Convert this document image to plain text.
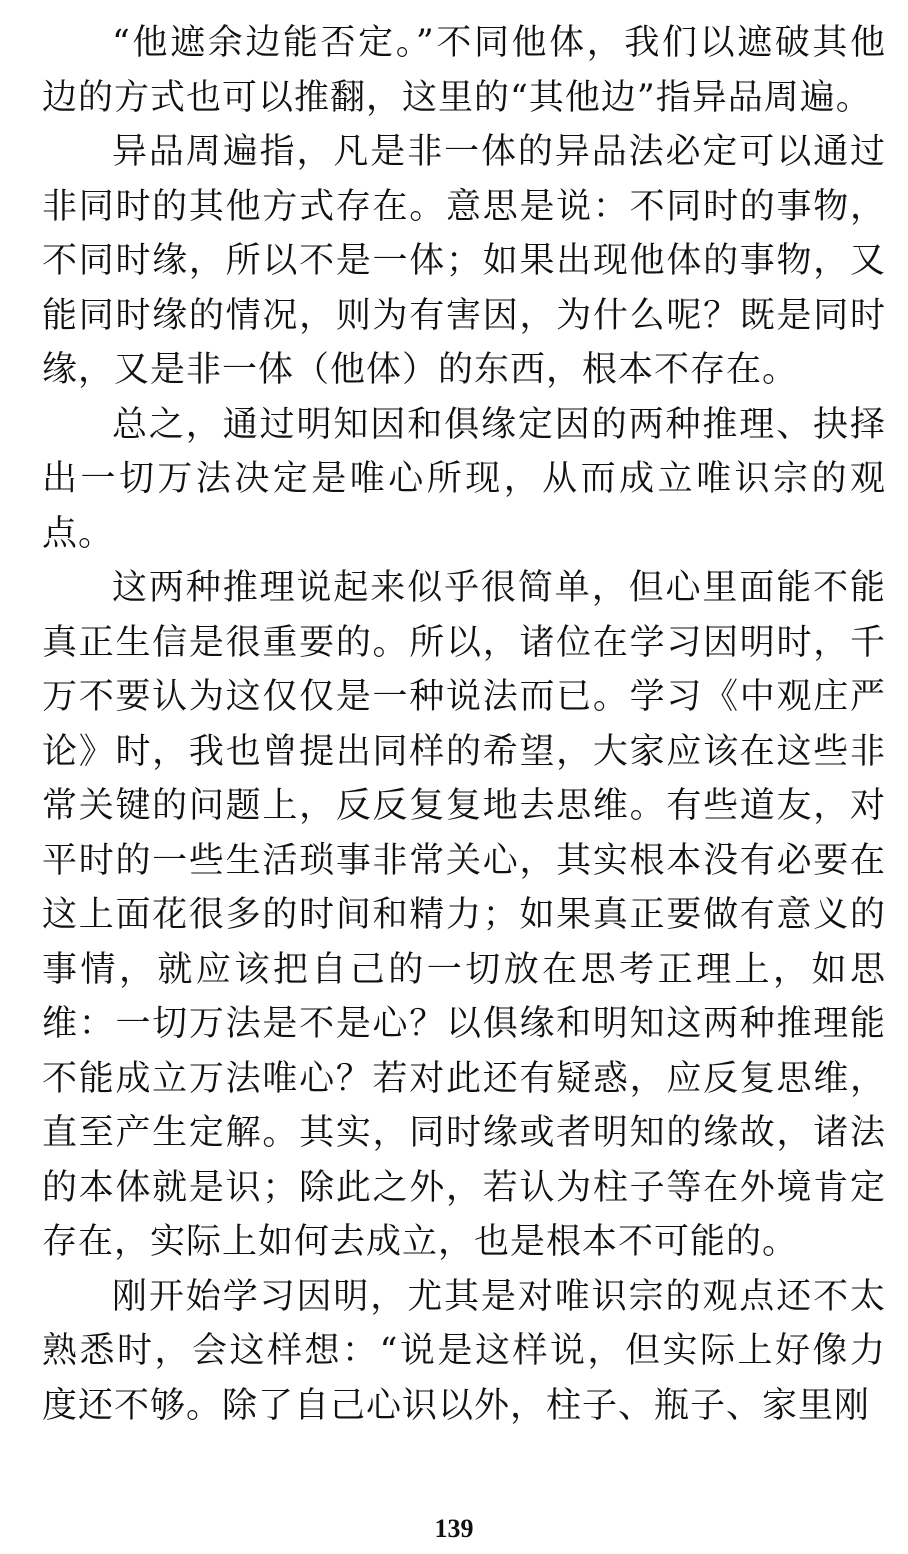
“他遮余边能否定。”不同他体，我们以遮破其他边的方式也可以推翻，这里的“其他边”指异品周遍。

异品周遍指，凡是非一体的异品法必定可以通过非同时的其他方式存在。意思是说：不同时的事物，不同时缘，所以不是一体；如果出现他体的事物，又能同时缘的情况，则为有害因，为什么呢？既是同时缘，又是非一体（他体）的东西，根本不存在。

总之，通过明知因和俱缘定因的两种推理、抉择出一切万法决定是唯心所现，从而成立唯识宗的观点。

这两种推理说起来似乎很简单，但心里面能不能真正生信是很重要的。所以，诸位在学习因明时，千万不要认为这仅仅是一种说法而已。学习《中观庄严论》时，我也曾提出同样的希望，大家应该在这些非常关键的问题上，反反复复地去思维。有些道友，对平时的一些生活琐事非常关心，其实根本没有必要在这上面花很多的时间和精力；如果真正要做有意义的事情，就应该把自己的一切放在思考正理上，如思维：一切万法是不是心？以俱缘和明知这两种推理能不能成立万法唯心？若对此还有疑惑，应反复思维，直至产生定解。其实，同时缘或者明知的缘故，诸法的本体就是识；除此之外，若认为柱子等在外境肯定存在，实际上如何去成立，也是根本不可能的。

刚开始学习因明，尤其是对唯识宗的观点还不太熟悉时，会这样想：“说是这样说，但实际上好像力度还不够。除了自己心识以外，柱子、瓶子、家里刚

139
